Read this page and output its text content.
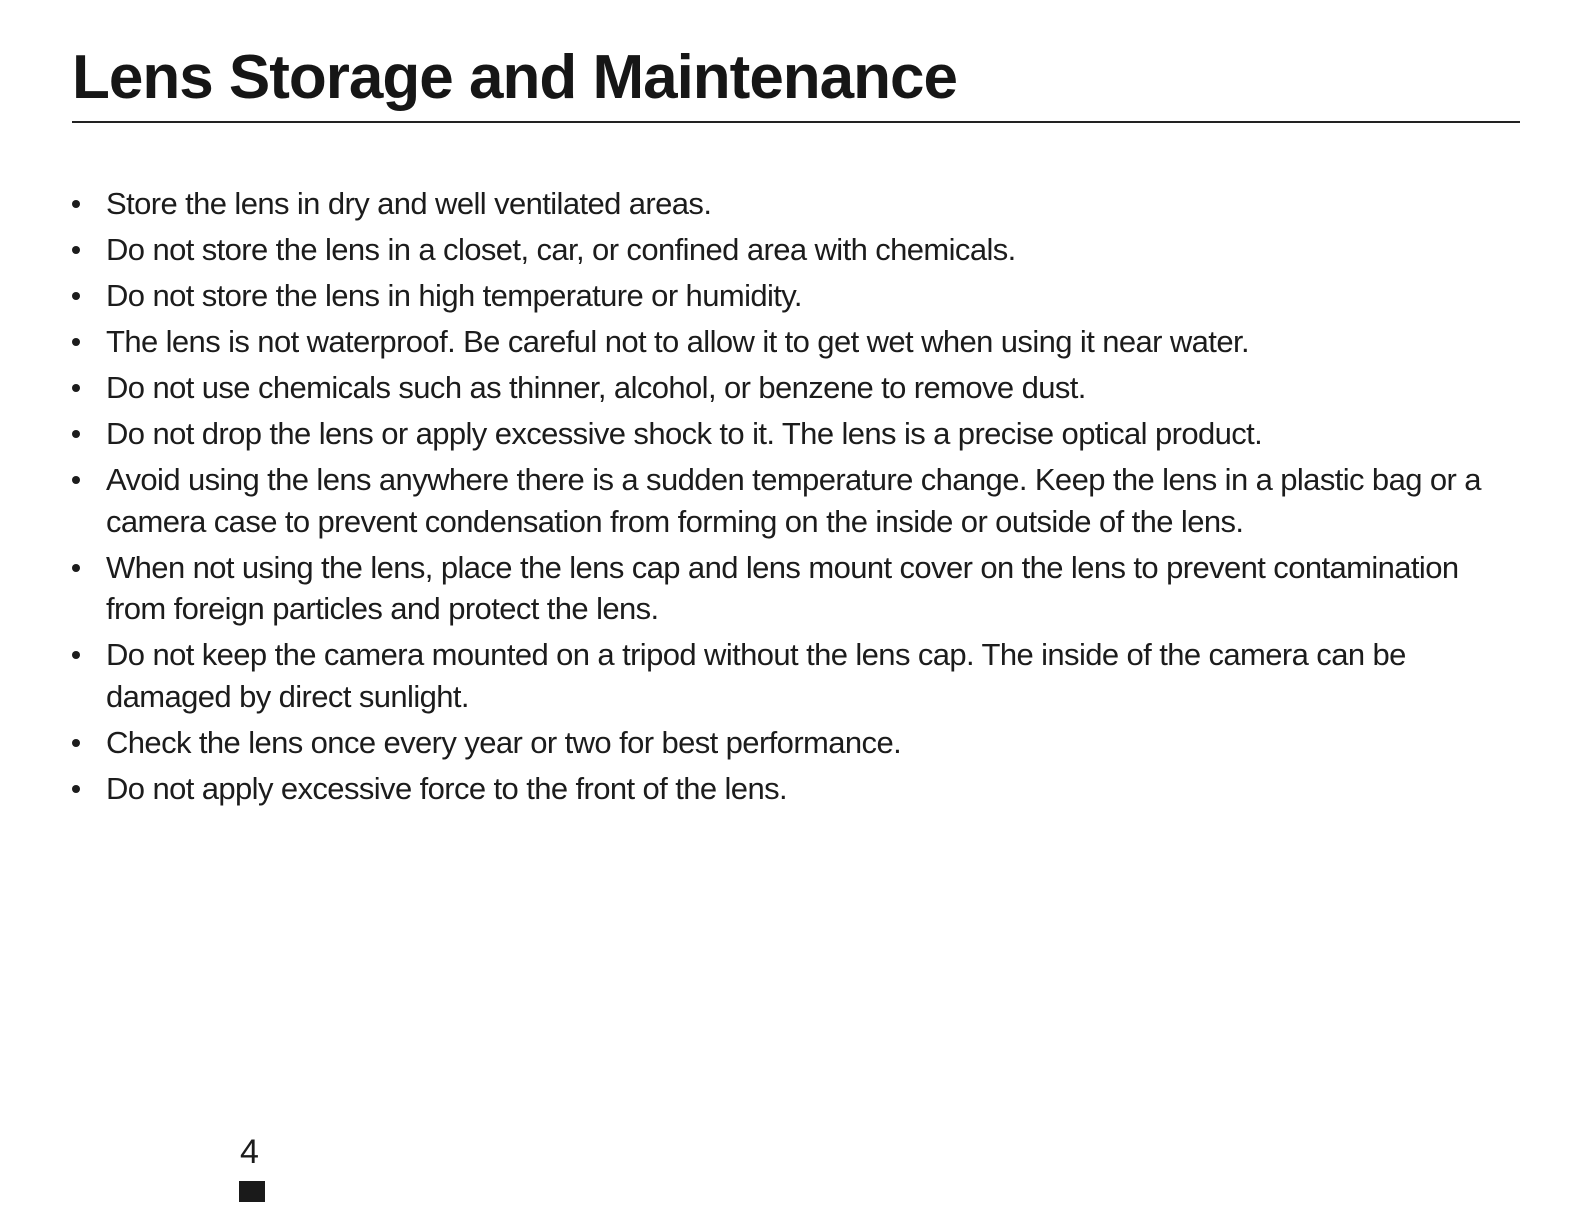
Lens Storage and Maintenance
Store the lens in dry and well ventilated areas.
Do not store the lens in a closet, car, or confined area with chemicals.
Do not store the lens in high temperature or humidity.
The lens is not waterproof. Be careful not to allow it to get wet when using it near water.
Do not use chemicals such as thinner, alcohol, or benzene to remove dust.
Do not drop the lens or apply excessive shock to it. The lens is a precise optical product.
Avoid using the lens anywhere there is a sudden temperature change. Keep the lens in a plastic bag or a camera case to prevent condensation from forming on the inside or outside of the lens.
When not using the lens, place the lens cap and lens mount cover on the lens to prevent contamination from foreign particles and protect the lens.
Do not keep the camera mounted on a tripod without the lens cap. The inside of the camera can be damaged by direct sunlight.
Check the lens once every year or two for best performance.
Do not apply excessive force to the front of the lens.
4
